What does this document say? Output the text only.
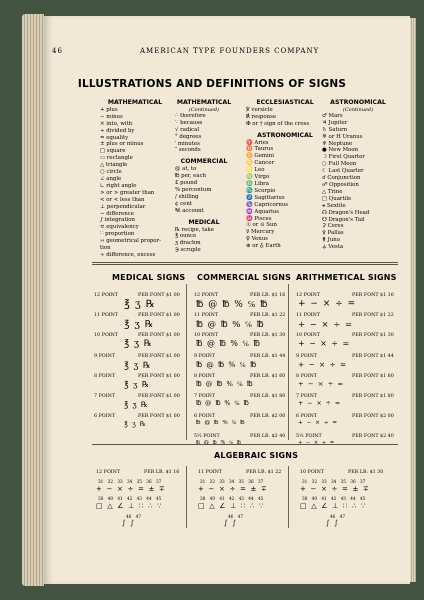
46	AMERICAN TYPE FOUNDERS COMPANY
ILLUSTRATIONS AND DEFINITIONS OF SIGNS
MATHEMATICAL
+ plus
− minus
× into, with
÷ divided by
= equality
± plus or minus
□ square
▭ rectangle
△ triangle
○ circle
∠ angle
∟ right angle
> or > greater than
< or < less than
⊥ perpendicular
∼ difference
∫ integration
≎ equivalency
∷ proportion
∺ geometrical propor-
tion
∻ difference, excess
MATHEMATICAL
(Continued)
∴ therefore
∵ because
√ radical
° degrees
′ minutes
″ seconds
COMMERCIAL
@ at, to
℔ per, each
£ pound
% percentum
/ shilling
¢ cent
℀ account
MEDICAL
℞ recipe, take
℥ ounce
ʒ drachm
℈ scruple
ECCLESIASTICAL
℣ versicle
℟ response
✠ or † sign of the cross
ASTRONOMICAL
♈ Aries
♉ Taurus
♊ Gemini
♋ Cancer
♌ Leo
♍ Virgo
♎ Libra
♏ Scorpio
♐ Sagittarius
♑ Capricornus
♒ Aquarius
♓ Pisces
☉ or ⊙ Sun
☿ Mercury
♀ Venus
⊕ or ♁ Earth
ASTRONOMICAL
(Continued)
♂ Mars
♃ Jupiter
♄ Saturn
♅ or H Uranus
♆ Neptune
● New Moon
☽ First Quarter
○ Full Moon
☾ Last Quarter
☌ Conjunction
☍ Opposition
△ Trine
□ Quartile
⚹ Sextile
☊ Dragon's Head
☋ Dragon's Tail
⚳ Ceres
⚴ Pallas
⚵ Juno
⚶ Vesta
MEDICAL SIGNS COMMERCIAL SIGNS ARITHMETICAL SIGNS
12 POINT	PER FONT $1 00
℥ ʒ ℞
11 POINT	PER FONT $1 00
℥ ʒ ℞
10 POINT	PER FONT $1 00
℥ ʒ ℞
9 POINT	PER FONT $1 00
℥ ʒ ℞
8 POINT	PER FONT $1 00
℥ ʒ ℞
7 POINT	PER FONT $1 00
℥ ʒ ℞
6 POINT	PER FONT $1 00
℥ ʒ ℞
12 POINT	PER LB. $1 16
℔ @ ℔ % ℅ ℔
11 POINT	PER LB. $1 22
℔ @ ℔ % ℅ ℔
10 POINT	PER LB. $1 30
℔ @ ℔ % ℅ ℔
9 POINT	PER LB. $1 44
℔ @ ℔ % ℅ ℔
8 POINT	PER LB. $1 60
℔ @ ℔ % ℅ ℔
7 POINT	PER LB. $1 80
℔ @ ℔ % ℅ ℔
6 POINT	PER LB. $2 00
℔ @ ℔ % ℅ ℔
5½ POINT	PER LB. $2 40
℔ @ ℔ % ℅ ℔
12 POINT	PER FONT $1 16
+ − × ÷ =
11 POINT	PER FONT $1 22
+ − × ÷ =
10 POINT	PER FONT $1 30
+ − × ÷ =
9 POINT	PER FONT $1 44
+ − × ÷ =
8 POINT	PER FONT $1 60
+ − × ÷ =
7 POINT	PER FONT $1 80
+ − × ÷ =
6 POINT	PER FONT $2 00
+ − × ÷ =
5½ POINT	PER FONT $2 40
+ − × ÷ =
ALGEBRAIC SIGNS
12 POINT	PER LB. $1 16
31 32 33 34 35 36 37
+ − × ÷ = ± ∓
38 40 41 42 43 44 45
□ △ ∠ ⊥ ∷ ∴ ∵
46 47
∫ ∫
11 POINT	PER LB. $1 22
31 32 33 34 35 36 37
+ − × ÷ = ± ∓
38 40 41 42 43 44 45
□ △ ∠ ⊥ ∷ ∴ ∵
46 47
∫ ∫
10 POINT	PER LB. $1 30
31 32 33 34 35 36 37
+ − × ÷ = ± ∓
38 40 41 42 43 44 45
□ △ ∠ ⊥ ∷ ∴ ∵
46 47
∫ ∫
